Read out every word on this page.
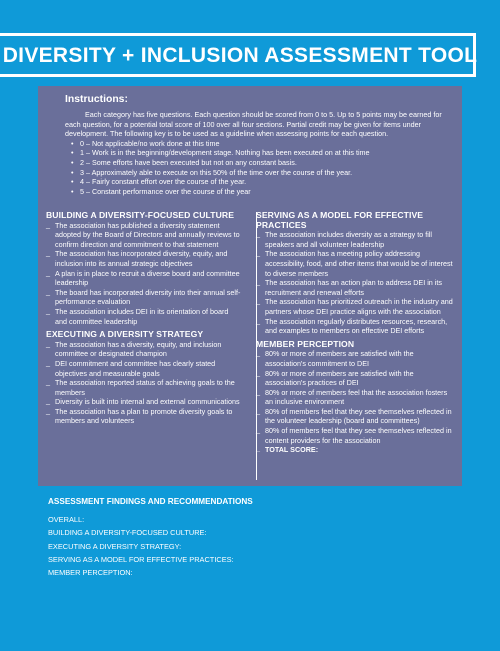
DIVERSITY + INCLUSION ASSESSMENT TOOL
Instructions:

Each category has five questions. Each question should be scored from 0 to 5. Up to 5 points may be earned for each question, for a potential total score of 100 over all four sections. Partial credit may be given for items under development. The following key is to be used as a guideline when assessing points for each question.

• 0 – Not applicable/no work done at this time
• 1 – Work is in the beginning/development stage. Nothing has been executed on at this time
• 2 – Some efforts have been executed but not on any constant basis.
• 3 – Approximately able to execute on this 50% of the time over the course of the year.
• 4 – Fairly constant effort over the course of the year.
• 5 – Constant performance over the course of the year
BUILDING A DIVERSITY-FOCUSED CULTURE
_ The association has published a diversity statement adopted by the Board of Directors and annually reviews to confirm direction and commitment to that statement
_ The association has incorporated diversity, equity, and inclusion into its annual strategic objectives
_ A plan is in place to recruit a diverse board and committee leadership
_ The board has incorporated diversity into their annual self-performance evaluation
_ The association includes DEI in its orientation of board and committee leadership
EXECUTING A DIVERSITY STRATEGY
_ The association has a diversity, equity, and inclusion committee or designated champion
_ DEI commitment and committee has clearly stated objectives and measurable goals
_ The association reported status of achieving goals to the members
_ Diversity is built into internal and external communications
_ The association has a plan to promote diversity goals to members and volunteers
SERVING AS A MODEL FOR EFFECTIVE PRACTICES
_ The association includes diversity as a strategy to fill speakers and all volunteer leadership
_ The association has a meeting policy addressing accessibility, food, and other items that would be of interest to diverse members
_ The association has an action plan to address DEI in its recruitment and renewal efforts
_ The association has prioritized outreach in the industry and partners whose DEI practice aligns with the association
_ The association regularly distributes resources, research, and examples to members on effective DEI efforts
MEMBER PERCEPTION
_ 80% or more of members are satisfied with the association's commitment to DEI
_ 80% or more of members are satisfied with the association's practices of DEI
_ 80% or more of members feel that the association fosters an inclusive environment
_ 80% of members feel that they see themselves reflected in the volunteer leadership (board and committees)
_ 80% of members feel that they see themselves reflected in content providers for the association
_ TOTAL SCORE:
ASSESSMENT FINDINGS AND RECOMMENDATIONS
OVERALL:
BUILDING A DIVERSITY-FOCUSED CULTURE:
EXECUTING A DIVERSITY STRATEGY:
SERVING AS A MODEL FOR EFFECTIVE PRACTICES:
MEMBER PERCEPTION:
